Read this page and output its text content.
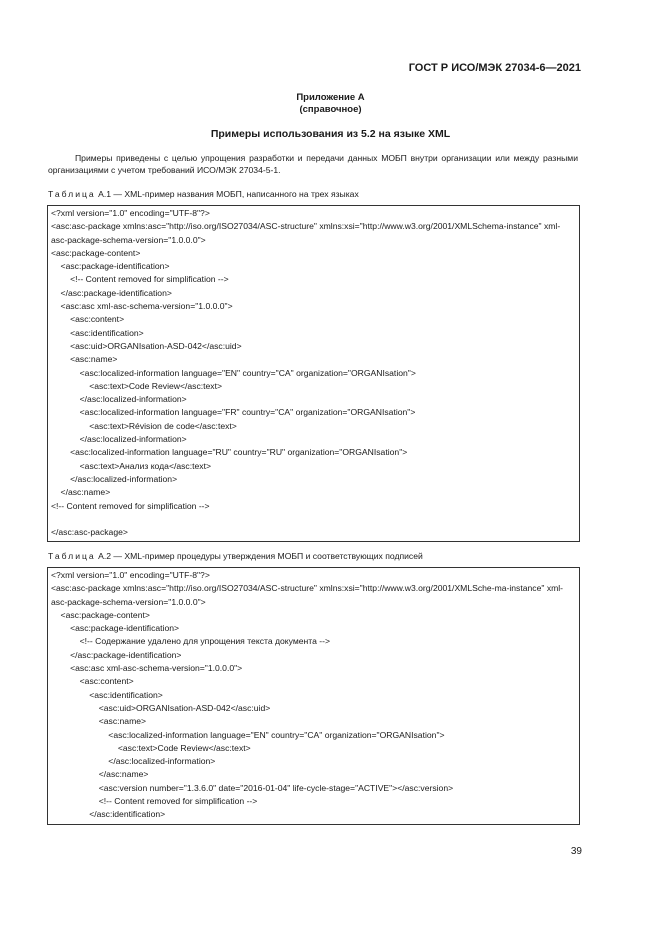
ГОСТ Р ИСО/МЭК 27034-6—2021
Приложение А
(справочное)
Примеры использования из 5.2 на языке XML
Примеры приведены с целью упрощения разработки и передачи данных МОБП внутри организации или между разными организациями с учетом требований ИСО/МЭК 27034-5-1.
Таблица А.1 — XML-пример названия МОБП, написанного на трех языках
<?xml version="1.0" encoding="UTF-8"?>
<asc:asc-package xmlns:asc="http://iso.org/ISO27034/ASC-structure" xmlns:xsi="http://www.w3.org/2001/XMLSchema-instance" xml-asc-package-schema-version="1.0.0.0">
<asc:package-content>
<asc:package-identification>
<!-- Content removed for simplification -->
</asc:package-identification>
<asc:asc xml-asc-schema-version="1.0.0.0">
<asc:content>
<asc:identification>
<asc:uid>ORGANIsation-ASD-042</asc:uid>
<asc:name>
<asc:localized-information language="EN" country="CA" organization="ORGANIsation">
<asc:text>Code Review</asc:text>
</asc:localized-information>
<asc:localized-information language="FR" country="CA" organization="ORGANIsation">
<asc:text>Révision de code</asc:text>
</asc:localized-information>
<asc:localized-information language="RU" country="RU" organization="ORGANIsation">
<asc:text>Анализ кода</asc:text>
</asc:localized-information>
</asc:name>
<!-- Content removed for simplification -->

</asc:asc-package>
Таблица А.2 — XML-пример процедуры утверждения МОБП и соответствующих подписей
<?xml version="1.0" encoding="UTF-8"?>
<asc:asc-package xmlns:asc="http://iso.org/ISO27034/ASC-structure" xmlns:xsi="http://www.w3.org/2001/XMLSche-ma-instance" xml-asc-package-schema-version="1.0.0.0">
<asc:package-content>
<asc:package-identification>
<!-- Содержание удалено для упрощения текста документа -->
</asc:package-identification>
<asc:asc xml-asc-schema-version="1.0.0.0">
<asc:content>
<asc:identification>
<asc:uid>ORGANIsation-ASD-042</asc:uid>
<asc:name>
<asc:localized-information language="EN" country="CA" organization="ORGANIsation">
<asc:text>Code Review</asc:text>
</asc:localized-information>
</asc:name>
<asc:version number="1.3.6.0" date="2016-01-04" life-cycle-stage="ACTIVE"></asc:version>
<!-- Content removed for simplification -->
</asc:identification>
39
